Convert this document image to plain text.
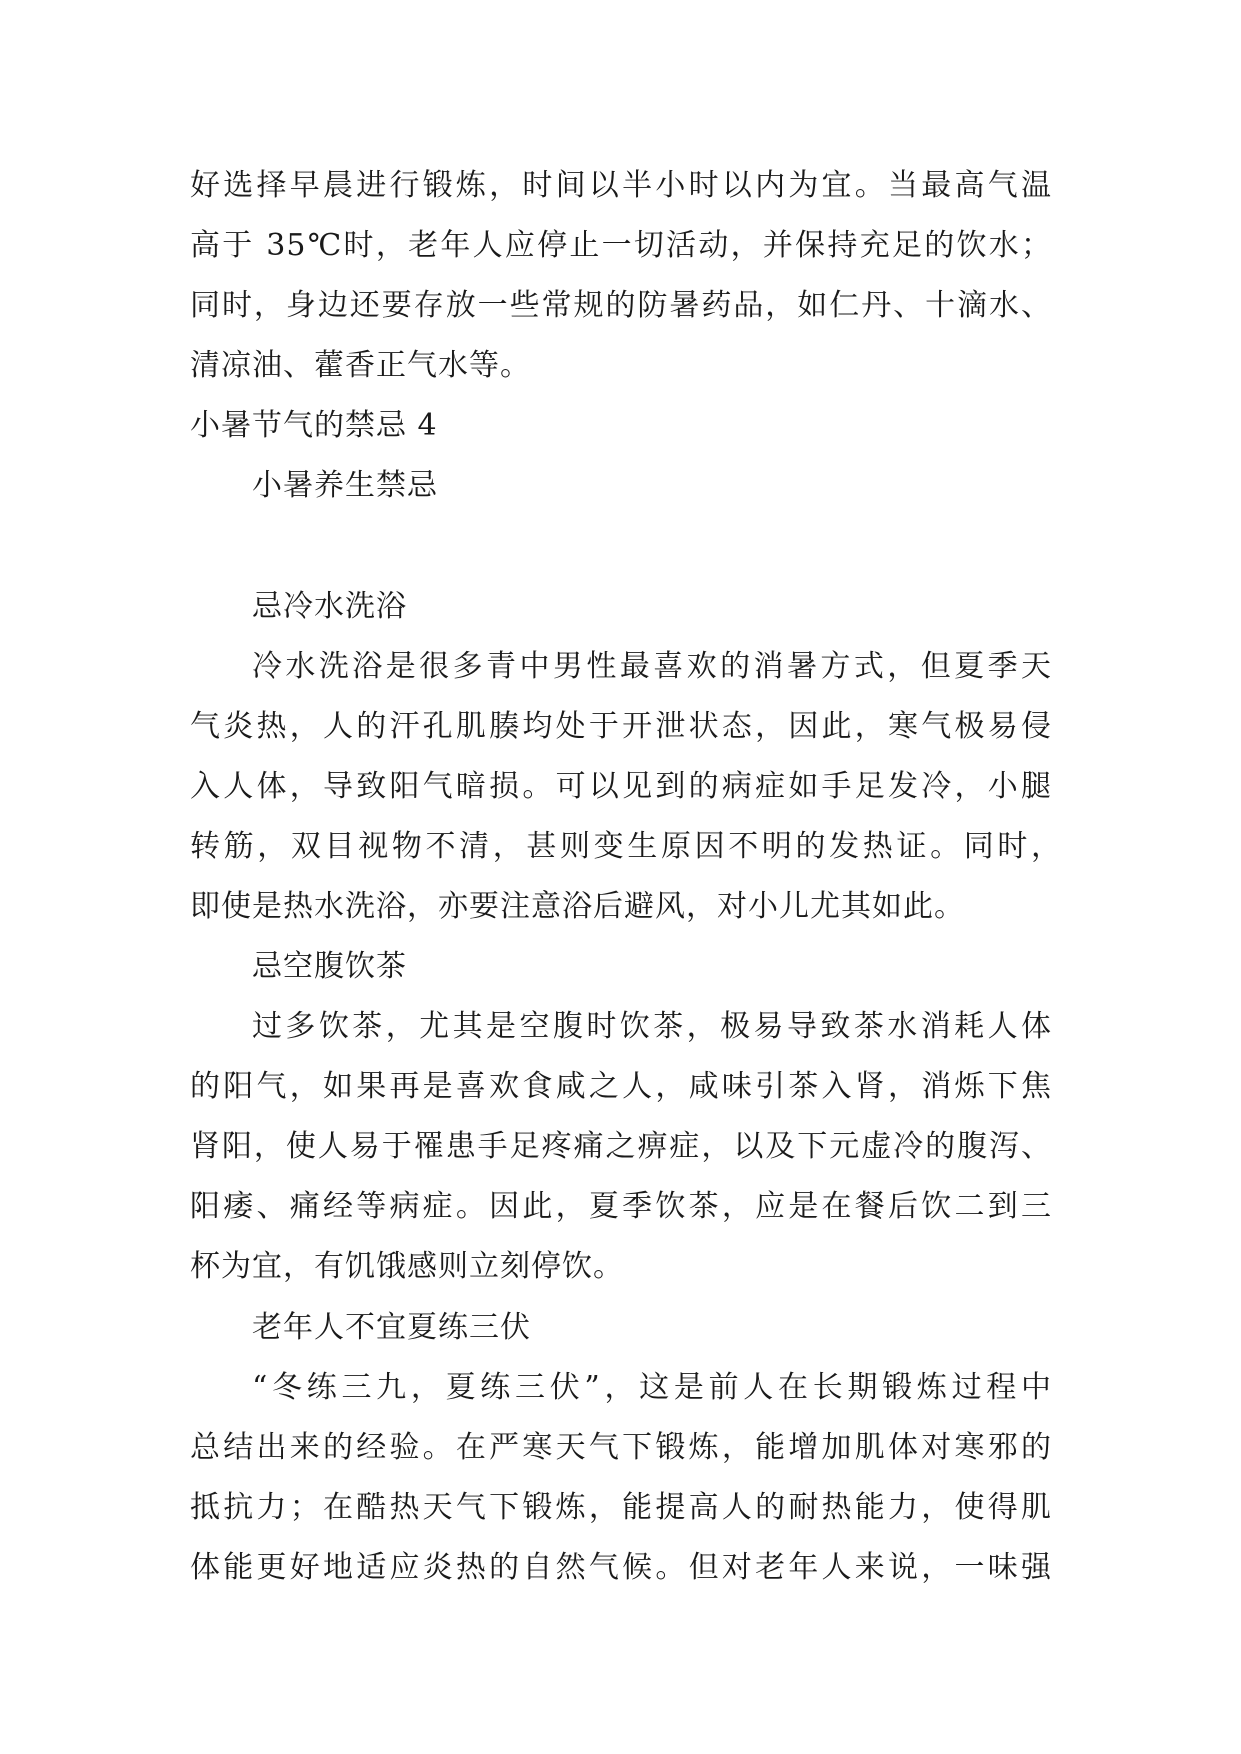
好选择早晨进行锻炼，时间以半小时以内为宜。当最高气温
高于 35℃时，老年人应停止一切活动，并保持充足的饮水；
同时，身边还要存放一些常规的防暑药品，如仁丹、十滴水、
清凉油、藿香正气水等。
小暑节气的禁忌 4
小暑养生禁忌
忌冷水洗浴
冷水洗浴是很多青中男性最喜欢的消暑方式，但夏季天
气炎热，人的汗孔肌腠均处于开泄状态，因此，寒气极易侵
入人体，导致阳气暗损。可以见到的病症如手足发冷，小腿
转筋，双目视物不清，甚则变生原因不明的发热证。同时，
即使是热水洗浴，亦要注意浴后避风，对小儿尤其如此。
忌空腹饮茶
过多饮茶，尤其是空腹时饮茶，极易导致茶水消耗人体
的阳气，如果再是喜欢食咸之人，咸味引茶入肾，消烁下焦
肾阳，使人易于罹患手足疼痛之痹症，以及下元虚冷的腹泻、
阳痿、痛经等病症。因此，夏季饮茶，应是在餐后饮二到三
杯为宜，有饥饿感则立刻停饮。
老年人不宜夏练三伏
“冬练三九，夏练三伏”，这是前人在长期锻炼过程中
总结出来的经验。在严寒天气下锻炼，能增加肌体对寒邪的
抵抗力；在酷热天气下锻炼，能提高人的耐热能力，使得肌
体能更好地适应炎热的自然气候。但对老年人来说，一味强
